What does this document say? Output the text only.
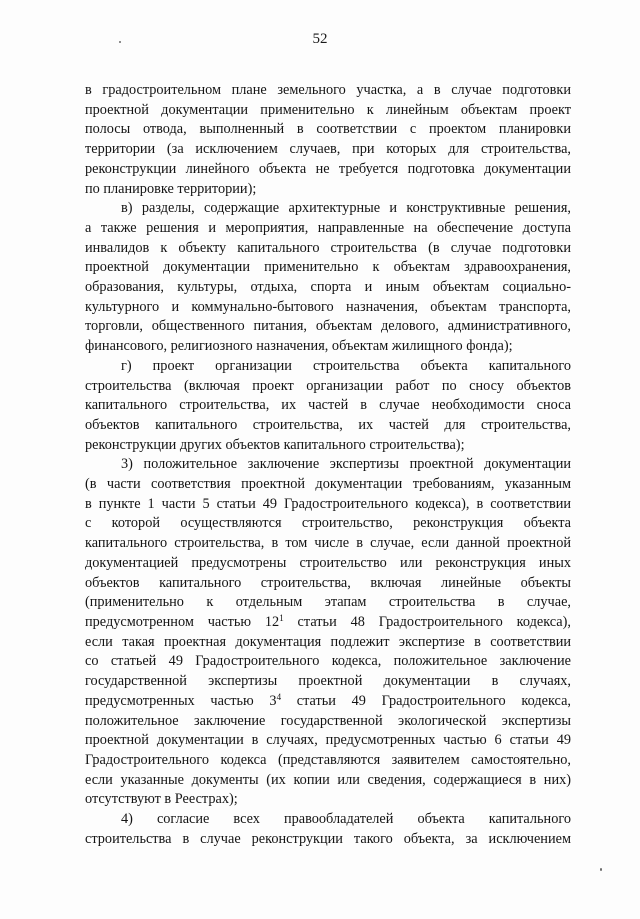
52
в градостроительном плане земельного участка, а в случае подготовки
проектной документации применительно к линейным объектам проект
полосы отвода, выполненный в соответствии с проектом планировки
территории (за исключением случаев, при которых для строительства,
реконструкции линейного объекта не требуется подготовка документации
по планировке территории);
в) разделы, содержащие архитектурные и конструктивные решения,
а также решения и мероприятия, направленные на обеспечение доступа
инвалидов к объекту капитального строительства (в случае подготовки
проектной документации применительно к объектам здравоохранения,
образования, культуры, отдыха, спорта и иным объектам социально-
культурного и коммунально-бытового назначения, объектам транспорта,
торговли, общественного питания, объектам делового, административного,
финансового, религиозного назначения, объектам жилищного фонда);
г) проект организации строительства объекта капитального
строительства (включая проект организации работ по сносу объектов
капитального строительства, их частей в случае необходимости сноса
объектов капитального строительства, их частей для строительства,
реконструкции других объектов капитального строительства);
3) положительное заключение экспертизы проектной документации
(в части соответствия проектной документации требованиям, указанным
в пункте 1 части 5 статьи 49 Градостроительного кодекса), в соответствии
с которой осуществляются строительство, реконструкция объекта
капитального строительства, в том числе в случае, если данной проектной
документацией предусмотрены строительство или реконструкция иных
объектов капитального строительства, включая линейные объекты
(применительно к отдельным этапам строительства в случае,
предусмотренном частью $12^1$ статьи 48 Градостроительного кодекса),
если такая проектная документация подлежит экспертизе в соответствии
со статьей 49 Градостроительного кодекса, положительное заключение
государственной экспертизы проектной документации в случаях,
предусмотренных частью $3^4$ статьи 49 Градостроительного кодекса,
положительное заключение государственной экологической экспертизы
проектной документации в случаях, предусмотренных частью 6 статьи 49
Градостроительного кодекса (представляются заявителем самостоятельно,
если указанные документы (их копии или сведения, содержащиеся в них)
отсутствуют в Реестрах);
4) согласие всех правообладателей объекта капитального
строительства в случае реконструкции такого объекта, за исключением
